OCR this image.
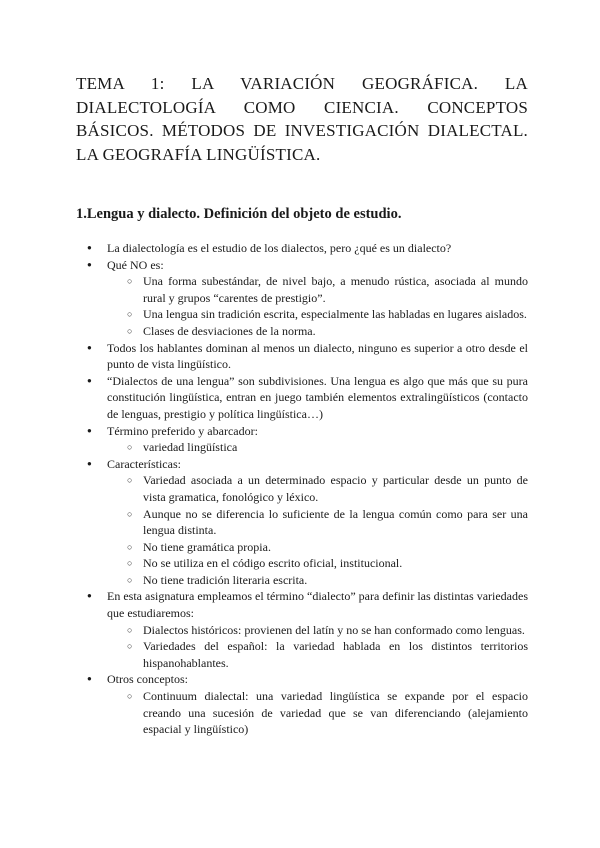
TEMA 1: LA VARIACIÓN GEOGRÁFICA. LA DIALECTOLOGÍA COMO CIENCIA. CONCEPTOS BÁSICOS. MÉTODOS DE INVESTIGACIÓN DIALECTAL. LA GEOGRAFÍA LINGÜÍSTICA.
1.Lengua y dialecto. Definición del objeto de estudio.
● La dialectología es el estudio de los dialectos, pero ¿qué es un dialecto?
● Qué NO es:
○ Una forma subestándar, de nivel bajo, a menudo rústica, asociada al mundo rural y grupos “carentes de prestigio”.
○ Una lengua sin tradición escrita, especialmente las habladas en lugares aislados.
○ Clases de desviaciones de la norma.
● Todos los hablantes dominan al menos un dialecto, ninguno es superior a otro desde el punto de vista lingüístico.
● “Dialectos de una lengua” son subdivisiones. Una lengua es algo que más que su pura constitución lingüística, entran en juego también elementos extralingüísticos (contacto de lenguas, prestigio y política lingüística…)
● Término preferido y abarcador:
○ variedad lingüística
● Características:
○ Variedad asociada a un determinado espacio y particular desde un punto de vista gramatica, fonológico y léxico.
○ Aunque no se diferencia lo suficiente de la lengua común como para ser una lengua distinta.
○ No tiene gramática propia.
○ No se utiliza en el código escrito oficial, institucional.
○ No tiene tradición literaria escrita.
● En esta asignatura empleamos el término “dialecto” para definir las distintas variedades que estudiaremos:
○ Dialectos históricos: provienen del latín y no se han conformado como lenguas.
○ Variedades del español: la variedad hablada en los distintos territorios hispanohablantes.
● Otros conceptos:
○ Continuum dialectal: una variedad lingüística se expande por el espacio creando una sucesión de variedad que se van diferenciando (alejamiento espacial y lingüístico)
